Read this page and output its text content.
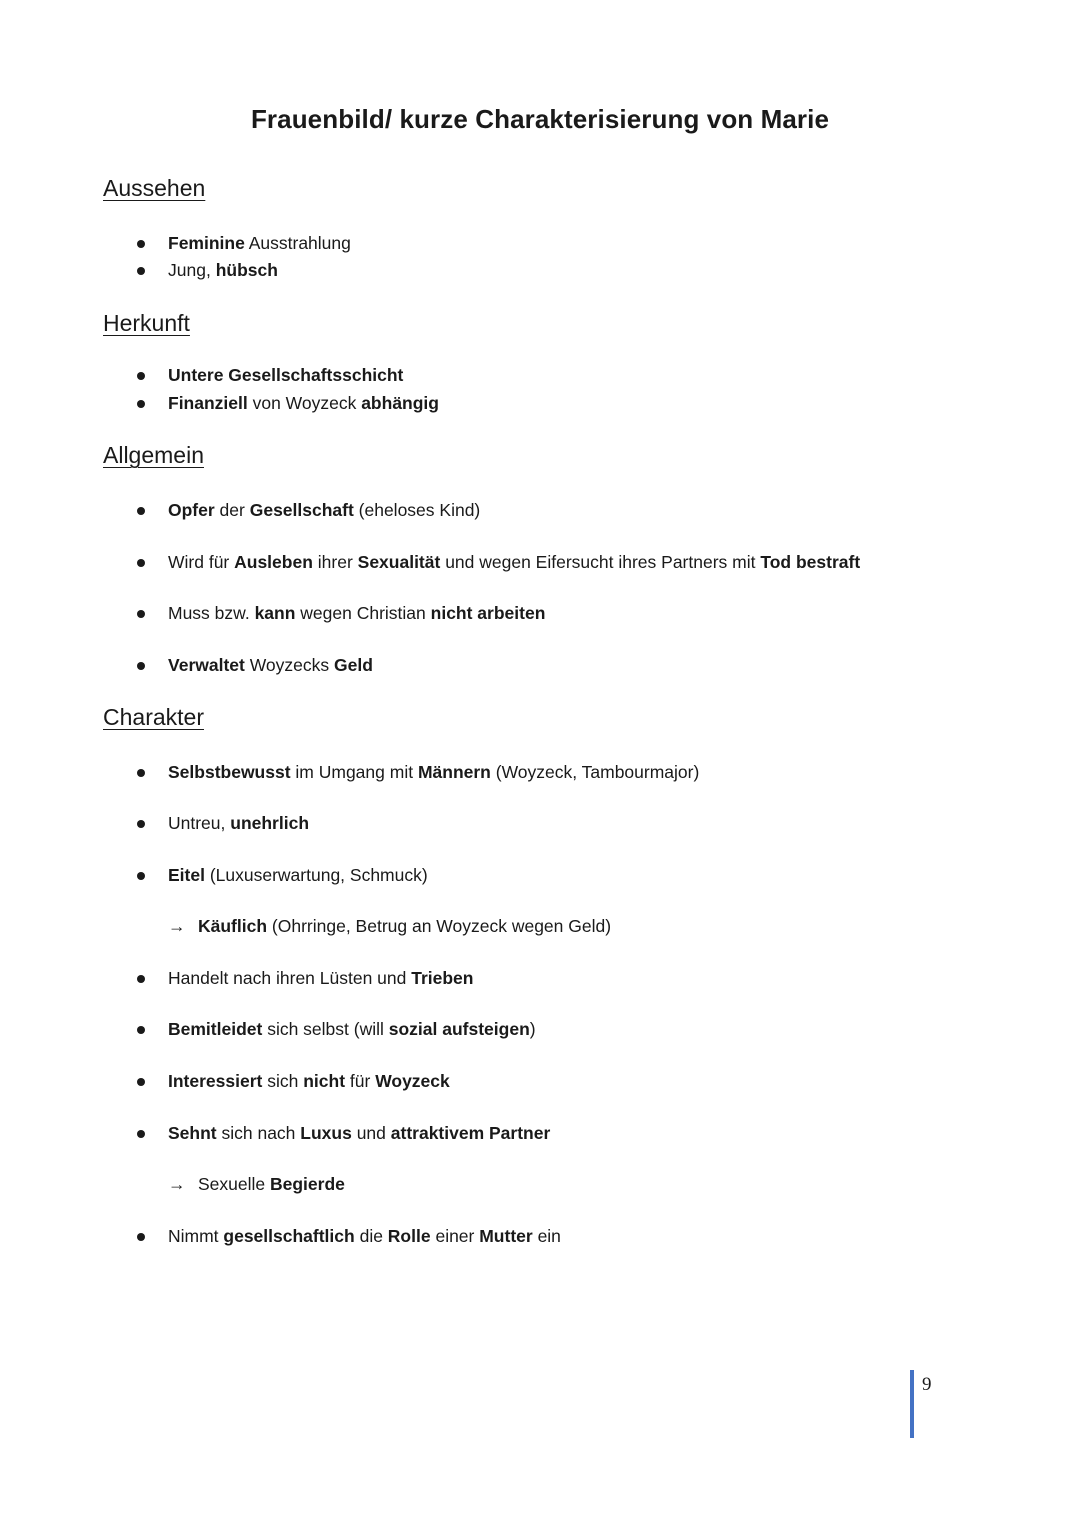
Frauenbild/ kurze Charakterisierung von Marie
Aussehen
Feminine Ausstrahlung
Jung, hübsch
Herkunft
Untere Gesellschaftsschicht
Finanziell von Woyzeck abhängig
Allgemein
Opfer der Gesellschaft (eheloses Kind)
Wird für Ausleben ihrer Sexualität und wegen Eifersucht ihres Partners mit Tod bestraft
Muss bzw. kann wegen Christian nicht arbeiten
Verwaltet Woyzecks Geld
Charakter
Selbstbewusst im Umgang mit Männern (Woyzeck, Tambourmajor)
Untreu, unehrlich
Eitel (Luxuserwartung, Schmuck)
→ Käuflich (Ohrringe, Betrug an Woyzeck wegen Geld)
Handelt nach ihren Lüsten und Trieben
Bemitleidet sich selbst (will sozial aufsteigen)
Interessiert sich nicht für Woyzeck
Sehnt sich nach Luxus und attraktivem Partner
→ Sexuelle Begierde
Nimmt gesellschaftlich die Rolle einer Mutter ein
9
